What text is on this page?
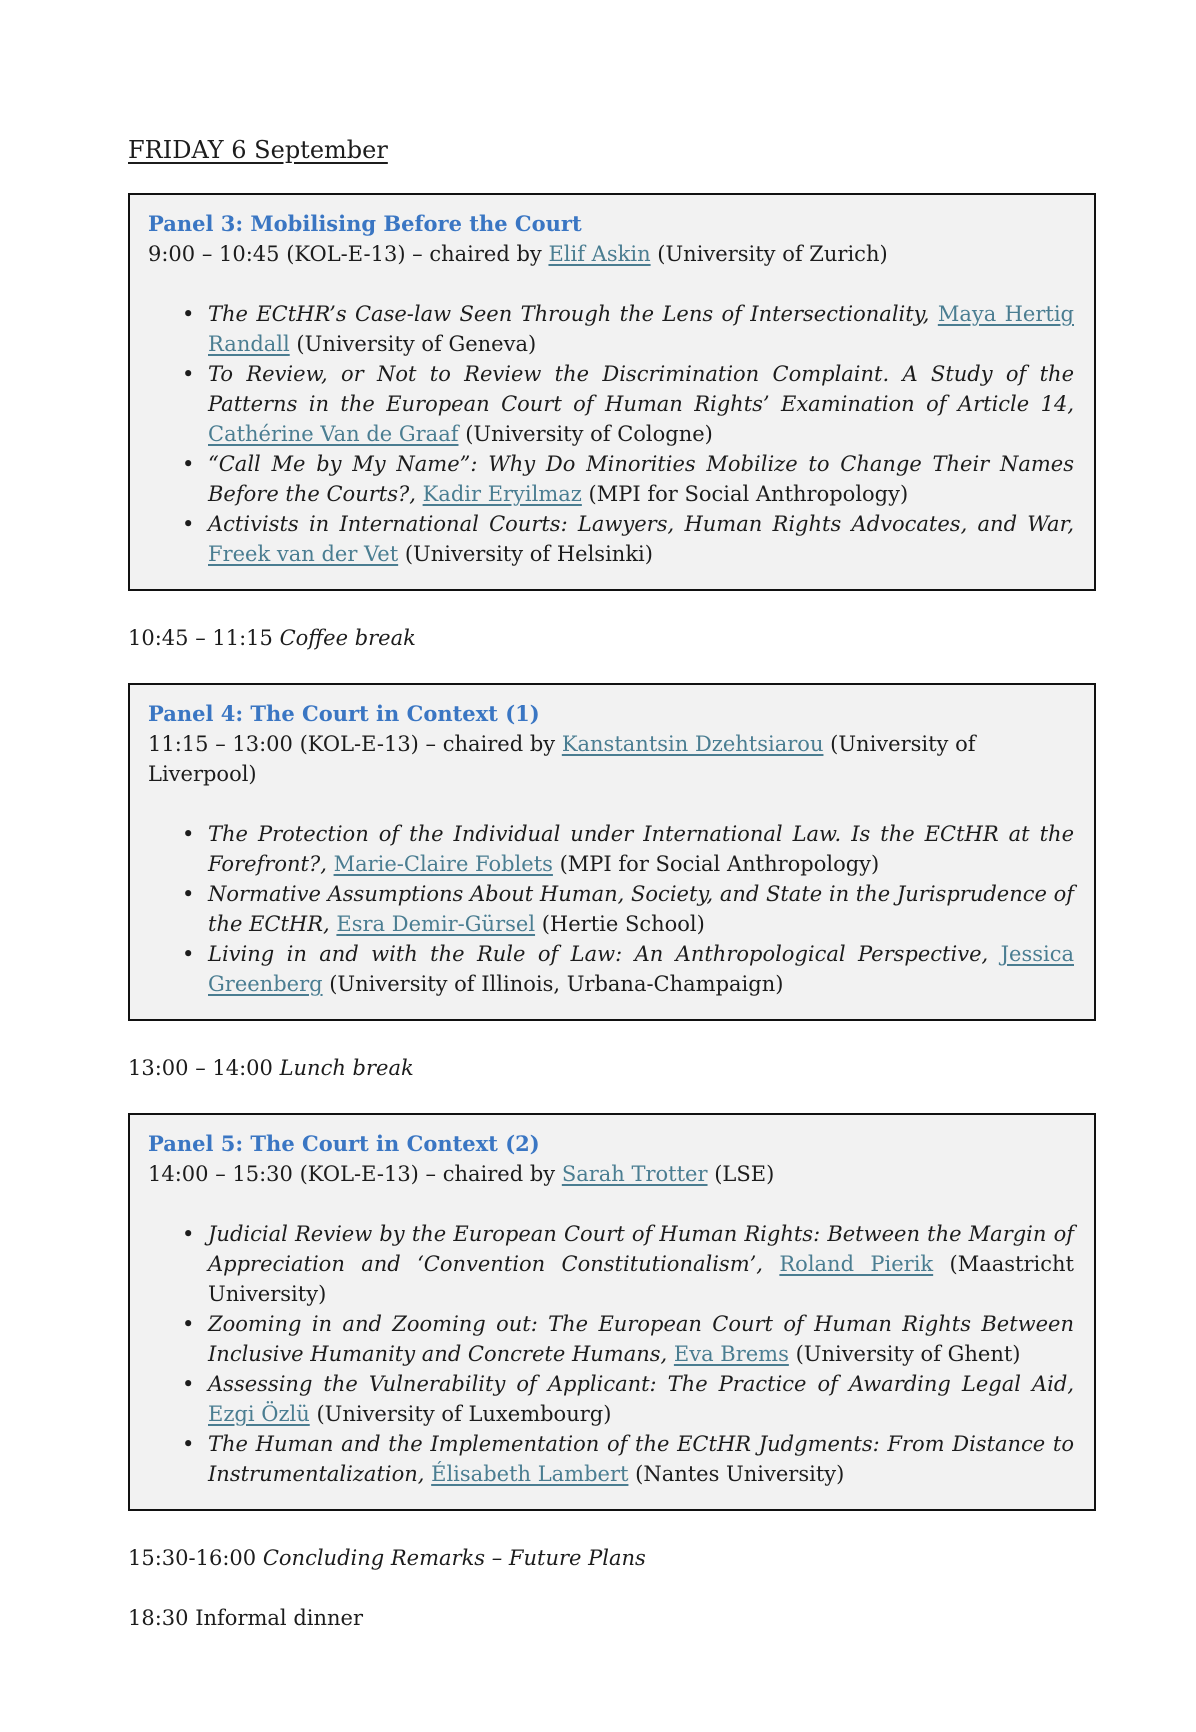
FRIDAY 6 September
Panel 3: Mobilising Before the Court

9:00 – 10:45 (KOL-E-13) – chaired by Elif Askin (University of Zurich)

• The ECtHR’s Case-law Seen Through the Lens of Intersectionality, Maya Hertig Randall (University of Geneva)
• To Review, or Not to Review the Discrimination Complaint. A Study of the Patterns in the European Court of Human Rights’ Examination of Article 14, Cathérine Van de Graaf (University of Cologne)
• “Call Me by My Name”: Why Do Minorities Mobilize to Change Their Names Before the Courts?, Kadir Eryilmaz (MPI for Social Anthropology)
• Activists in International Courts: Lawyers, Human Rights Advocates, and War, Freek van der Vet (University of Helsinki)

10:45 – 11:15 Coffee break

Panel 4: The Court in Context (1)

11:15 – 13:00 (KOL-E-13) – chaired by Kanstantsin Dzehtsiarou (University of Liverpool)

• The Protection of the Individual under International Law. Is the ECtHR at the Forefront?, Marie-Claire Foblets (MPI for Social Anthropology)
• Normative Assumptions About Human, Society, and State in the Jurisprudence of the ECtHR, Esra Demir-Gürsel (Hertie School)
• Living in and with the Rule of Law: An Anthropological Perspective, Jessica Greenberg (University of Illinois, Urbana-Champaign)

13:00 – 14:00 Lunch break

Panel 5: The Court in Context (2)

14:00 – 15:30 (KOL-E-13) – chaired by Sarah Trotter (LSE)

• Judicial Review by the European Court of Human Rights: Between the Margin of Appreciation and ‘Convention Constitutionalism’, Roland Pierik (Maastricht University)
• Zooming in and Zooming out: The European Court of Human Rights Between Inclusive Humanity and Concrete Humans, Eva Brems (University of Ghent)
• Assessing the Vulnerability of Applicant: The Practice of Awarding Legal Aid, Ezgi Özlü (University of Luxembourg)
• The Human and the Implementation of the ECtHR Judgments: From Distance to Instrumentalization, Élisabeth Lambert (Nantes University)

15:30-16:00 Concluding Remarks – Future Plans

18:30 Informal dinner
